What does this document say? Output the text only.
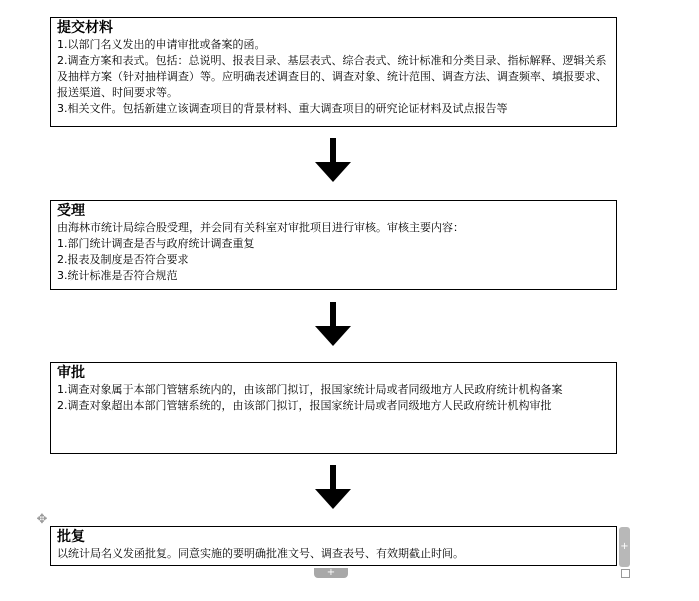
提交材料
1.以部门名义发出的申请审批或备案的函。
2.调查方案和表式。包括：总说明、报表目录、基层表式、综合表式、统计标准和分类目录、指标解释、逻辑关系及抽样方案（针对抽样调查）等。应明确表述调查目的、调查对象、统计范围、调查方法、调查频率、填报要求、报送渠道、时间要求等。
3.相关文件。包括新建立该调查项目的背景材料、重大调查项目的研究论证材料及试点报告等
受理
由海林市统计局综合股受理，并会同有关科室对审批项目进行审核。审核主要内容：
1.部门统计调查是否与政府统计调查重复
2.报表及制度是否符合要求
3.统计标准是否符合规范
审批
1.调查对象属于本部门管辖系统内的，由该部门拟订，报国家统计局或者同级地方人民政府统计机构备案
2.调查对象超出本部门管辖系统的，由该部门拟订，报国家统计局或者同级地方人民政府统计机构审批
批复
以统计局名义发函批复。同意实施的要明确批准文号、调查表号、有效期截止时间。
✥
+
+
